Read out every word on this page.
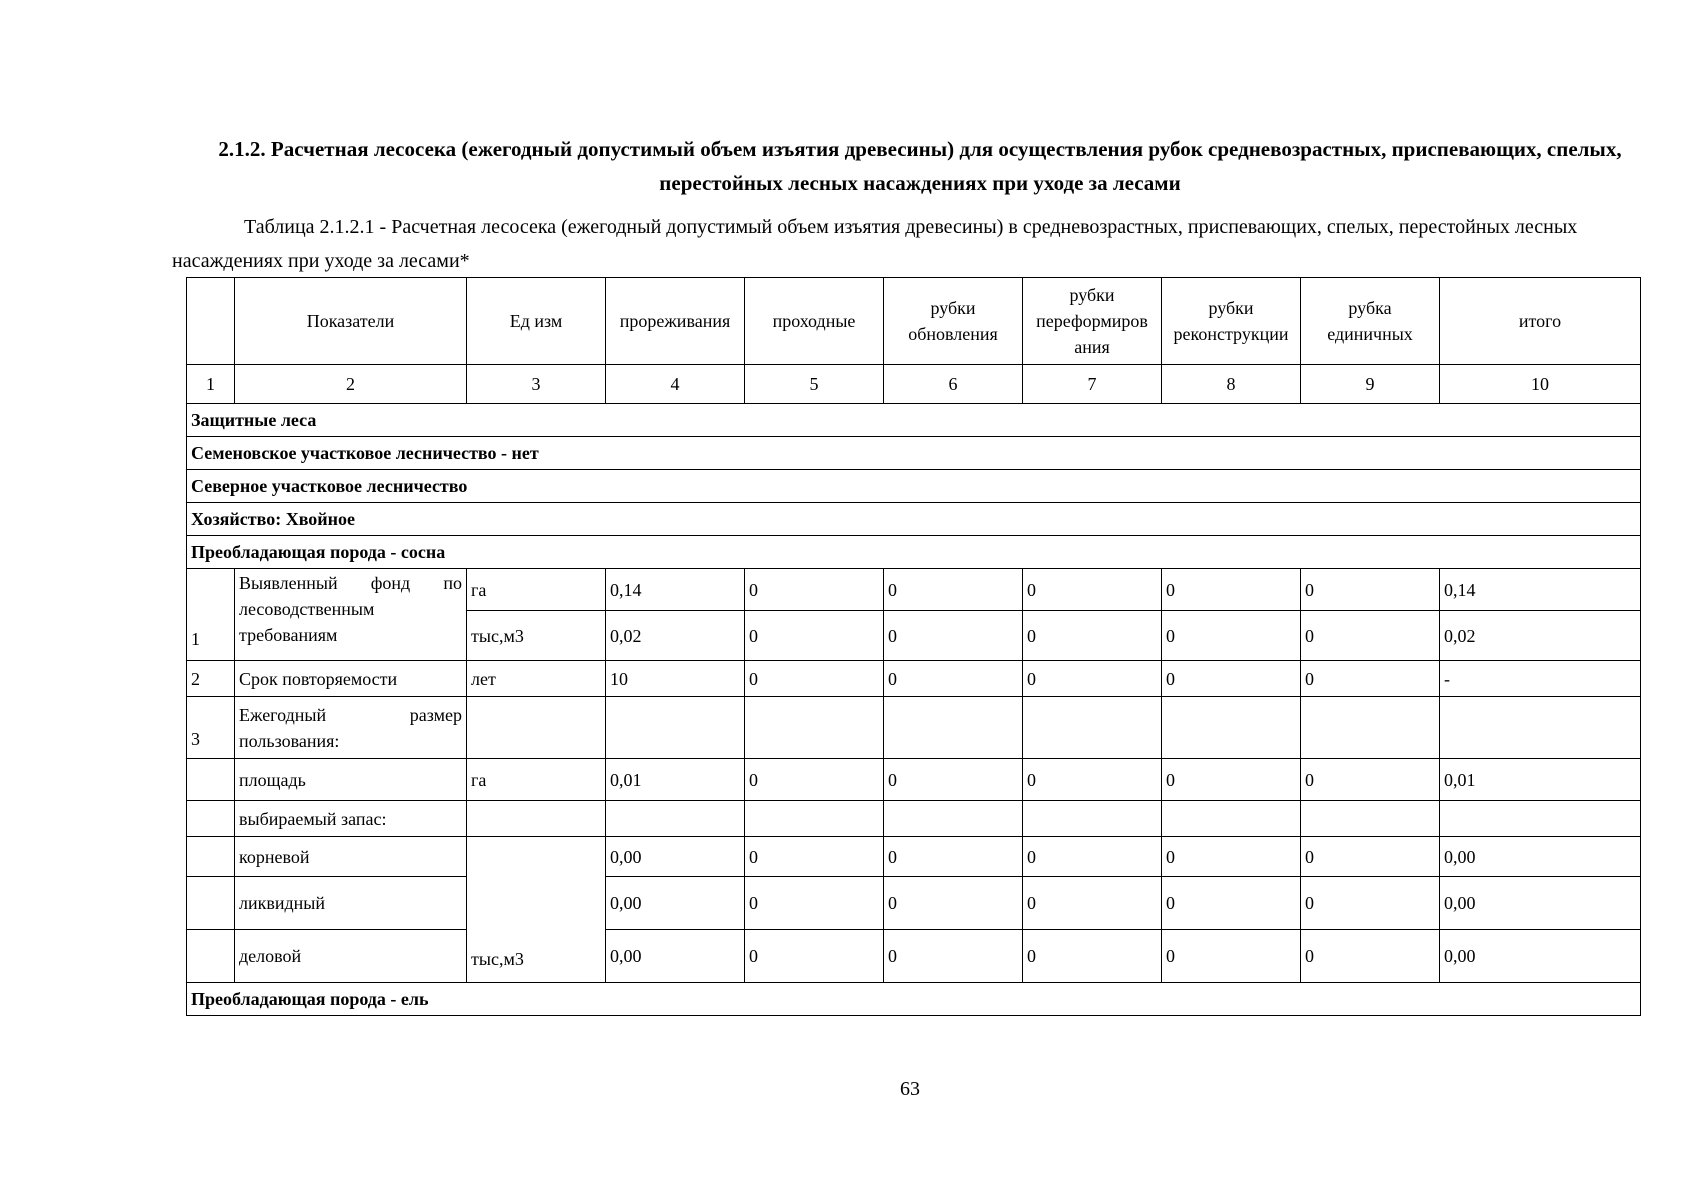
2.1.2. Расчетная лесосека (ежегодный допустимый объем изъятия древесины) для осуществления рубок средневозрастных, приспевающих, спелых, перестойных лесных насаждениях при уходе за лесами
Таблица 2.1.2.1 - Расчетная лесосека (ежегодный допустимый объем изъятия древесины) в средневозрастных, приспевающих, спелых, перестойных лесных насаждениях при уходе за лесами*
	Показатели	Ед изм	прореживания	проходные	рубки обновления	рубки переформиров ания	рубки реконструкции	рубка единичных	итого
1	2	3	4	5	6	7	8	9	10
Защитные леса									
Семеновское участковое лесничество - нет									
Северное участковое лесничество									
Хозяйство: Хвойное									
Преобладающая порода - сосна									
1	Выявленный фонд по лесоводственным требованиям	га	0,14	0	0	0	0	0	0,14
		тыс,м3	0,02	0	0	0	0	0	0,02
2	Срок повторяемости	лет	10	0	0	0	0	0	-
3	Ежегодный размер пользования:								
	площадь	га	0,01	0	0	0	0	0	0,01
	выбираемый запас:								
	корневой	тыс,м3	0,00	0	0	0	0	0	0,00
	ликвидный		0,00	0	0	0	0	0	0,00
	деловой		0,00	0	0	0	0	0	0,00
Преобладающая порода - ель									
63
